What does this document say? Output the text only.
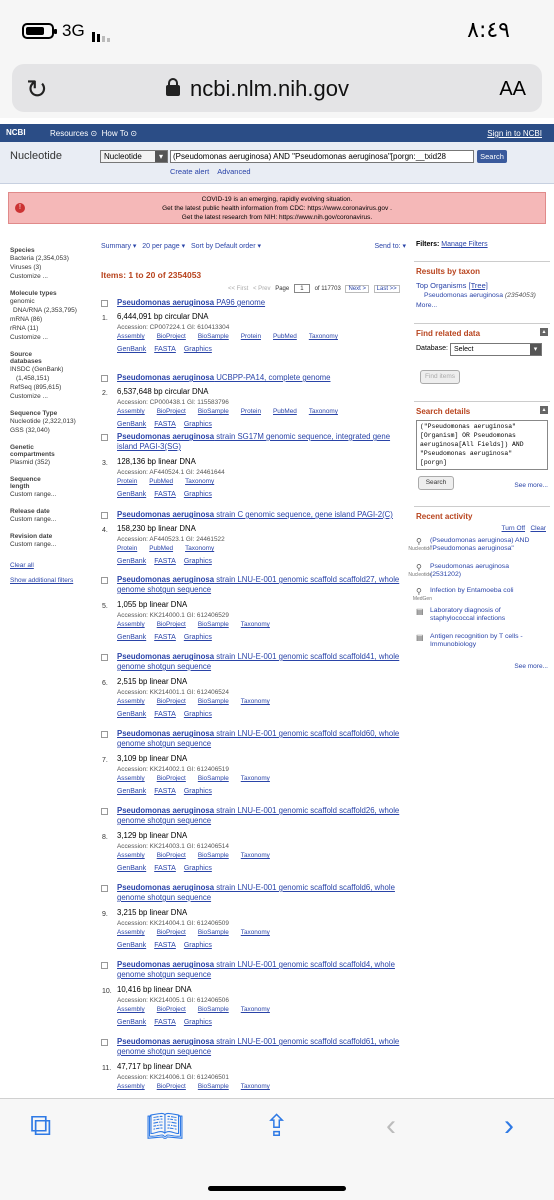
3G	٨:٤٩
↻	ncbi.nlm.nih.gov	AA
NCBI	Resources ⊙  How To ⊙	Sign in to NCBI
Nucleotide	Nucleotide ▾	(Pseudomonas aeruginosa) AND "Pseudomonas aeruginosa"[porgn:__txid28	Search
Create alert Advanced
!
COVID-19 is an emerging, rapidly evolving situation.
Get the latest public health information from CDC: https://www.coronavirus.gov .
Get the latest research from NIH: https://www.nih.gov/coronavirus.
Species
Bacteria (2,354,053)
Viruses (3)
Customize ...
Molecule types
genomic
DNA/RNA (2,353,795)
mRNA (86)
rRNA (11)
Customize ...
Source
databases
INSDC (GenBank)
(1,458,151)
RefSeq (895,615)
Customize ...
Sequence Type
Nucleotide (2,322,013)
GSS (32,040)
Genetic
compartments
Plasmid (352)
Sequence
length
Custom range...
Release date
Custom range...
Revision date
Custom range...
Clear all
Show additional filters
Summary ▾ 20 per page ▾ Sort by Default order ▾	Send to: ▾
Items: 1 to 20 of 2354053
<< First < Prev Page 1 of 117703 Next > Last >>
1.
Pseudomonas aeruginosa PA96 genome
6,444,091 bp circular DNA
Accession: CP007224.1 GI: 610413304
Assembly BioProject BioSample Protein PubMed Taxonomy
GenBank FASTA Graphics
2.
Pseudomonas aeruginosa UCBPP-PA14, complete genome
6,537,648 bp circular DNA
Accession: CP000438.1 GI: 115583796
Assembly BioProject BioSample Protein PubMed Taxonomy
GenBank FASTA Graphics
3.
Pseudomonas aeruginosa strain SG17M genomic sequence, integrated gene
island PAGI-3(SG)
128,136 bp linear DNA
Accession: AF440524.1 GI: 24461644
Protein PubMed Taxonomy
GenBank FASTA Graphics
4.
Pseudomonas aeruginosa strain C genomic sequence, gene island PAGI-2(C)
158,230 bp linear DNA
Accession: AF440523.1 GI: 24461522
Protein PubMed Taxonomy
GenBank FASTA Graphics
5.
Pseudomonas aeruginosa strain LNU-E-001 genomic scaffold scaffold27, whole
genome shotgun sequence
1,055 bp linear DNA
Accession: KK214000.1 GI: 612406529
Assembly BioProject BioSample Taxonomy
GenBank FASTA Graphics
6.
Pseudomonas aeruginosa strain LNU-E-001 genomic scaffold scaffold41, whole
genome shotgun sequence
2,515 bp linear DNA
Accession: KK214001.1 GI: 612406524
Assembly BioProject BioSample Taxonomy
GenBank FASTA Graphics
7.
Pseudomonas aeruginosa strain LNU-E-001 genomic scaffold scaffold60, whole
genome shotgun sequence
3,109 bp linear DNA
Accession: KK214002.1 GI: 612406519
Assembly BioProject BioSample Taxonomy
GenBank FASTA Graphics
8.
Pseudomonas aeruginosa strain LNU-E-001 genomic scaffold scaffold26, whole
genome shotgun sequence
3,129 bp linear DNA
Accession: KK214003.1 GI: 612406514
Assembly BioProject BioSample Taxonomy
GenBank FASTA Graphics
9.
Pseudomonas aeruginosa strain LNU-E-001 genomic scaffold scaffold6, whole
genome shotgun sequence
3,215 bp linear DNA
Accession: KK214004.1 GI: 612406509
Assembly BioProject BioSample Taxonomy
GenBank FASTA Graphics
10.
Pseudomonas aeruginosa strain LNU-E-001 genomic scaffold scaffold4, whole
genome shotgun sequence
10,416 bp linear DNA
Accession: KK214005.1 GI: 612406506
Assembly BioProject BioSample Taxonomy
GenBank FASTA Graphics
11.
Pseudomonas aeruginosa strain LNU-E-001 genomic scaffold scaffold61, whole
genome shotgun sequence
47,717 bp linear DNA
Accession: KK214006.1 GI: 612406501
Assembly BioProject BioSample Taxonomy
Filters: Manage Filters
Results by taxon
Top Organisms [Tree]
Pseudomonas aeruginosa (2354053)
More...
Find related data	▴
Database: Select	▾
Find items
Search details	▴
("Pseudomonas aeruginosa"
[Organism] OR Pseudomonas
aeruginosa[All Fields]) AND
"Pseudomonas aeruginosa"
[porgn]
Search	See more...
Recent activity
Turn Off Clear
⚲ (Pseudomonas aeruginosa) AND "Pseudomonas aeruginosa"
Nucleotide
⚲ Pseudomonas aeruginosa (2531202)
Nucleotide
⚲ Infection by Entamoeba coli
MedGen
▤ Laboratory diagnosis of staphylococcal infections
▤ Antigen recognition by T cells - Immunobiology
See more...
⧉	📖︎	⇪	‹	›
